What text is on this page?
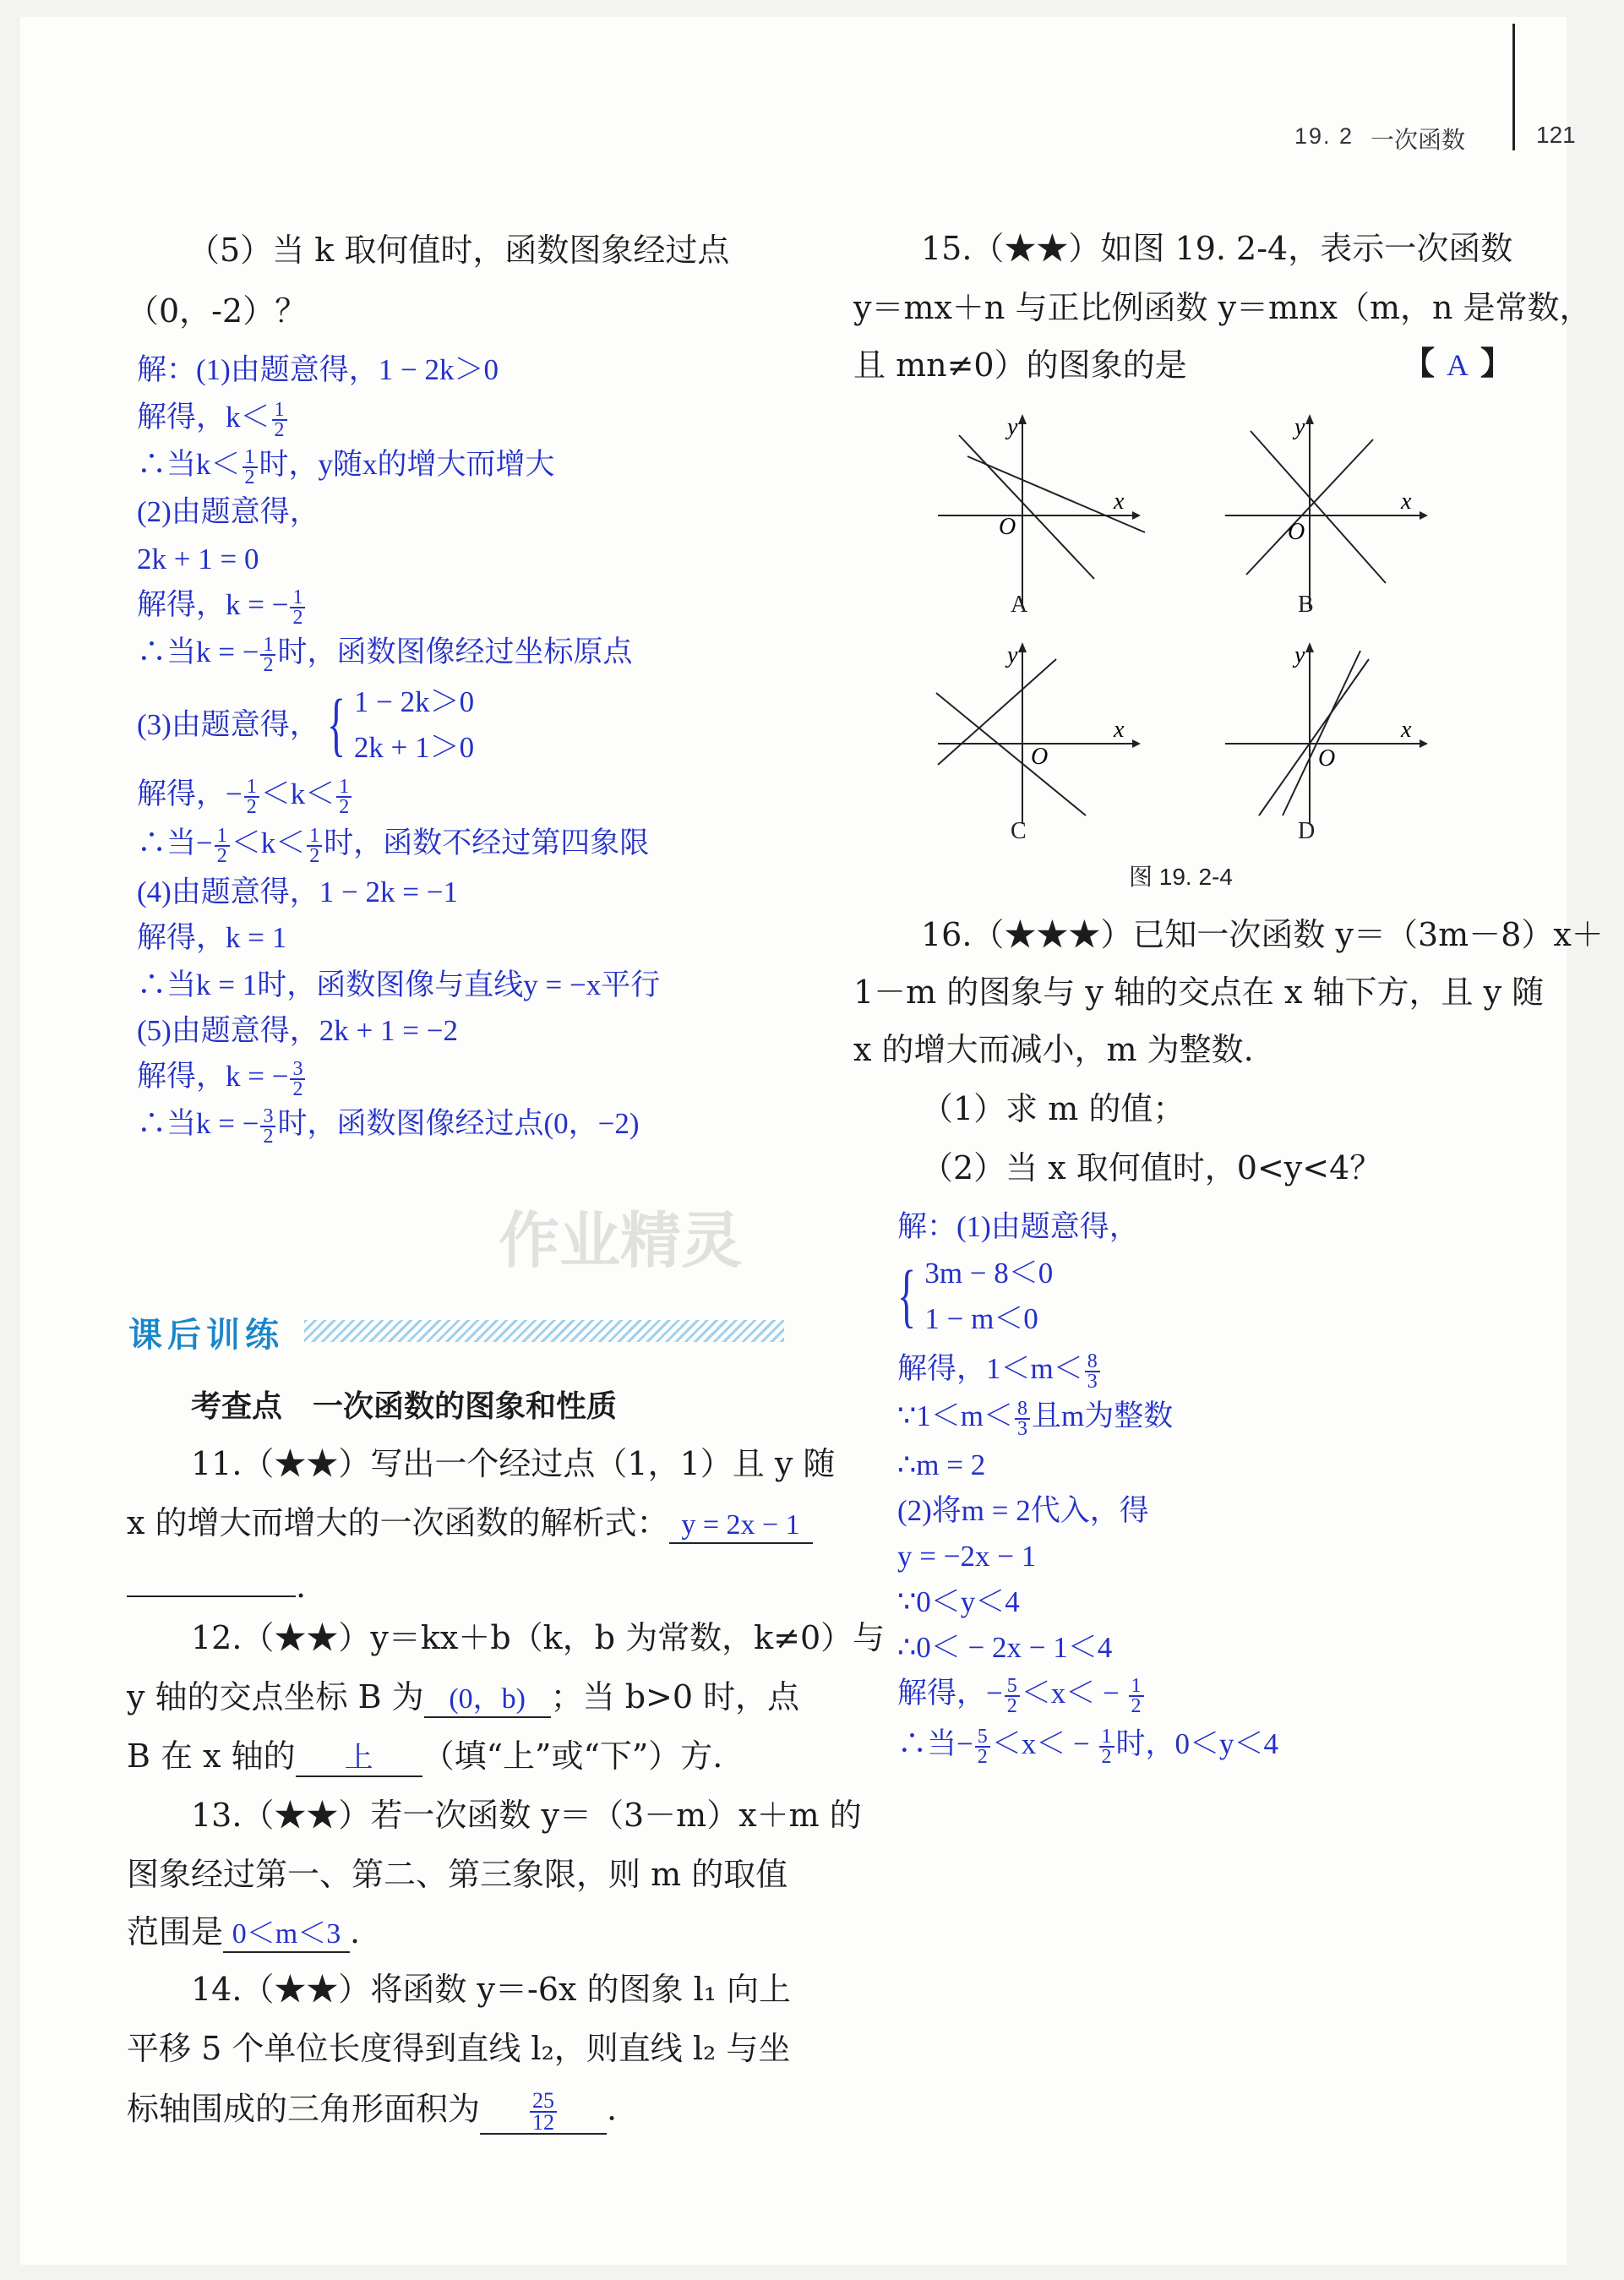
19. 2 一次函数	121
（5）当 k 取何值时，函数图象经过点
（0，-2）？
解：(1)由题意得，1 − 2k＞0
解得，$k< \frac{1}{2}$
∴当$k< \frac{1}{2}$ 时，y随x的增大而增大
(2)由题意得，
2k + 1 = 0
解得，k = − $\frac{1}{2}$
∴当k = − $\frac{1}{2}$ 时，函数图像经过坐标原点
(3)由题意得， { 1 − 2k＞0
2k + 1＞0
解得，− $\frac{1}{2} <k< \frac{1}{2}$
∴当− $\frac{1}{2} <k< \frac{1}{2}$ 时，函数不经过第四象限
(4)由题意得，1 − 2k = −1
解得，k = 1
∴当k = 1时，函数图像与直线y = −x平行
(5)由题意得，2k + 1 = −2
解得，k = − $\frac{3}{2}$
∴当k = − $\frac{3}{2}$ 时，函数图像经过点(0，−2)
作业精灵
课后训练
考查点　一次函数的图象和性质
11.（★★）写出一个经过点（1，1）且 y 随
x 的增大而增大的一次函数的解析式： y = 2x − 1
.
12.（★★）y＝kx＋b（k，b 为常数，k≠0）与
y 轴的交点坐标 B 为 (0，b) ；当 b>0 时，点
B 在 x 轴的 上 （填“上”或“下”）方.
13.（★★）若一次函数 y＝（3－m）x＋m 的
图象经过第一、第二、第三象限，则 m 的取值
范围是 0＜m＜3 .
14.（★★）将函数 y＝-6x 的图象 l₁ 向上
平移 5 个单位长度得到直线 l₂，则直线 l₂ 与坐
标轴围成的三角形面积为 $\frac{25}{12}$ .
15.（★★）如图 19. 2-4，表示一次函数
y＝mx＋n 与正比例函数 y＝mnx（m，n 是常数，
且 mn≠0）的图象的是	【 A 】
y
x
O
A
y
x
O
B
y
x
O
C
y
x
O
D
图 19. 2-4
16.（★★★）已知一次函数 y＝（3m－8）x＋
1－m 的图象与 y 轴的交点在 x 轴下方，且 y 随
x 的增大而减小，m 为整数.
（1）求 m 的值；
（2）当 x 取何值时，0<y<4？
解：(1)由题意得，
{ 3m − 8＜0
1 − m＜0
解得，$1<m< \frac{8}{3}$
∵1＜m＜ $\frac{8}{3}$ 且m为整数
∴m = 2
(2)将m = 2代入，得
y = −2x − 1
∵0＜y＜4
∴0＜ − 2x − 1＜4
解得，− $\frac{5}{2} <x< - \frac{1}{2}$
∴当− $\frac{5}{2} <x< - \frac{1}{2}$ 时，0＜y＜4
